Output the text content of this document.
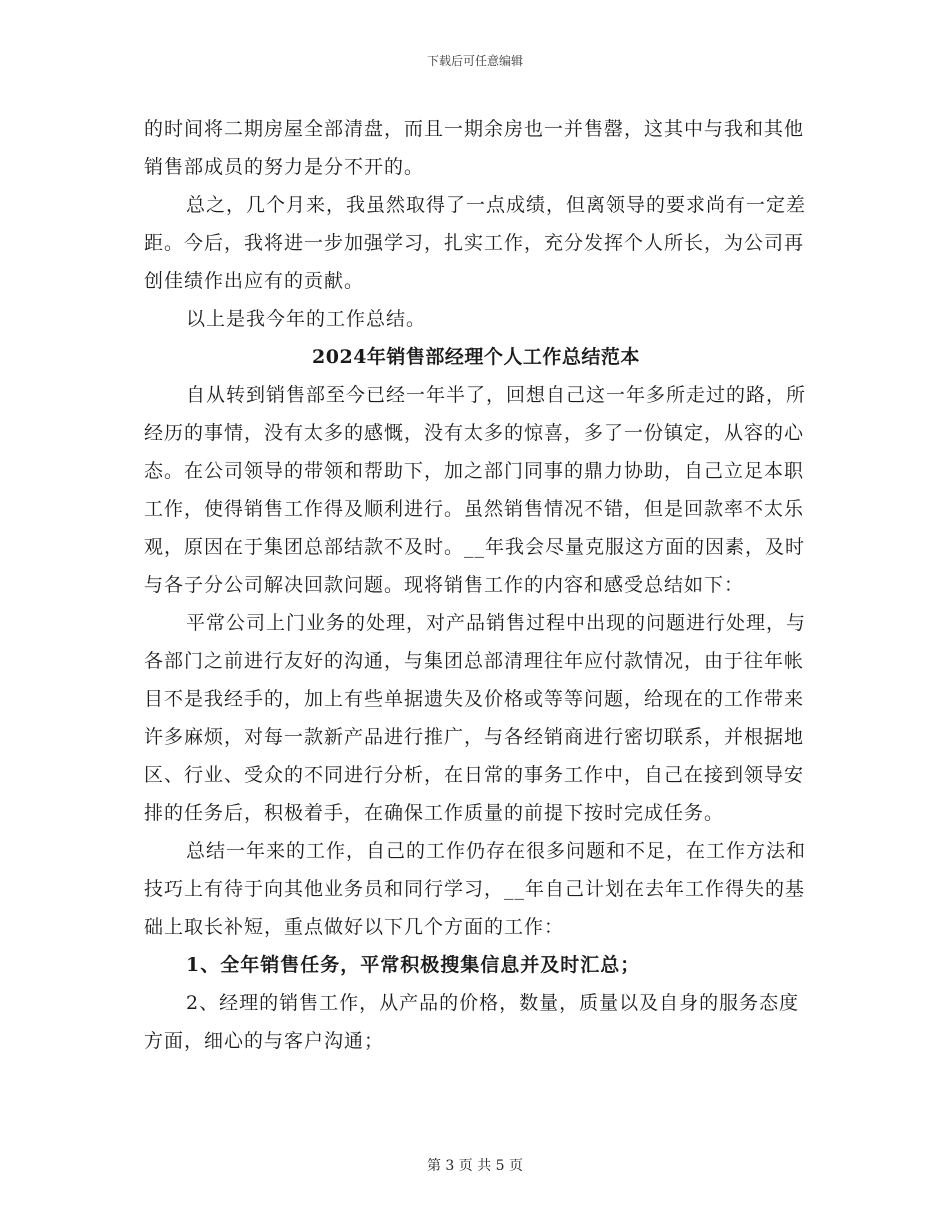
下载后可任意编辑

的时间将二期房屋全部清盘，而且一期余房也一并售罄，这其中与我和其他销售部成员的努力是分不开的。

总之，几个月来，我虽然取得了一点成绩，但离领导的要求尚有一定差距。今后，我将进一步加强学习，扎实工作，充分发挥个人所长，为公司再创佳绩作出应有的贡献。

以上是我今年的工作总结。

2024年销售部经理个人工作总结范本

自从转到销售部至今已经一年半了，回想自己这一年多所走过的路，所经历的事情，没有太多的感慨，没有太多的惊喜，多了一份镇定，从容的心态。在公司领导的带领和帮助下，加之部门同事的鼎力协助，自己立足本职工作，使得销售工作得及顺利进行。虽然销售情况不错，但是回款率不太乐观，原因在于集团总部结款不及时。__年我会尽量克服这方面的因素，及时与各子分公司解决回款问题。现将销售工作的内容和感受总结如下：

平常公司上门业务的处理，对产品销售过程中出现的问题进行处理，与各部门之前进行友好的沟通，与集团总部清理往年应付款情况，由于往年帐目不是我经手的，加上有些单据遗失及价格或等等问题，给现在的工作带来许多麻烦，对每一款新产品进行推广，与各经销商进行密切联系，并根据地区、行业、受众的不同进行分析，在日常的事务工作中，自己在接到领导安排的任务后，积极着手，在确保工作质量的前提下按时完成任务。

总结一年来的工作，自己的工作仍存在很多问题和不足，在工作方法和技巧上有待于向其他业务员和同行学习，__年自己计划在去年工作得失的基础上取长补短，重点做好以下几个方面的工作：

1、全年销售任务，平常积极搜集信息并及时汇总；

2、经理的销售工作，从产品的价格，数量，质量以及自身的服务态度方面，细心的与客户沟通；

第 3 页 共 5 页
